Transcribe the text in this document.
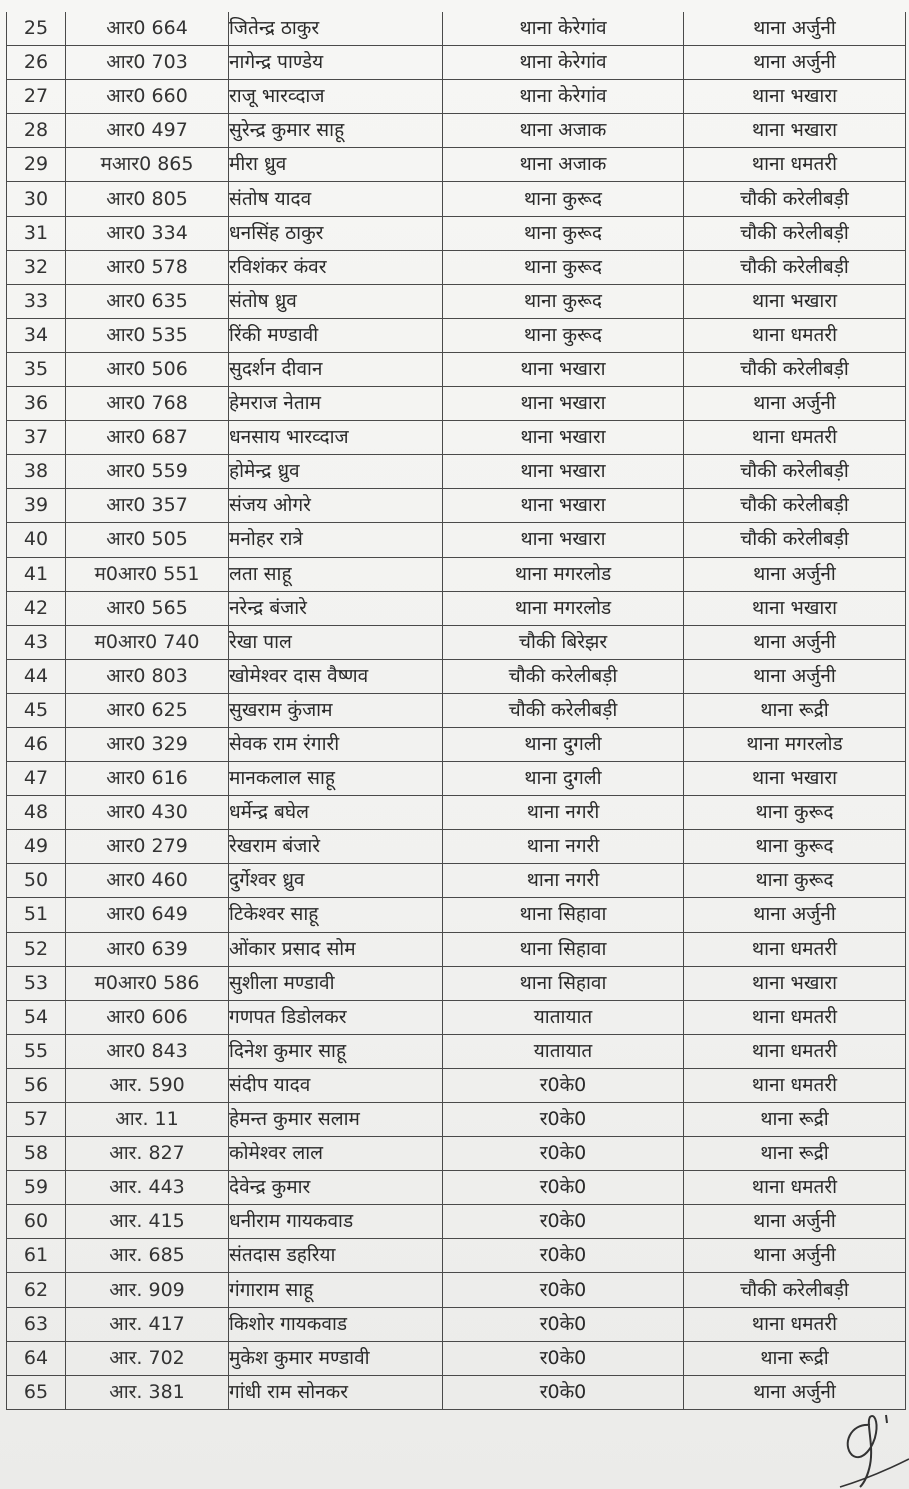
25	आर0 664	जितेन्द्र ठाकुर	थाना केरेगांव	थाना अर्जुनी
26	आर0 703	नागेन्द्र पाण्डेय	थाना केरेगांव	थाना अर्जुनी
27	आर0 660	राजू भारव्दाज	थाना केरेगांव	थाना भखारा
28	आर0 497	सुरेन्द्र कुमार साहू	थाना अजाक	थाना भखारा
29	मआर0 865	मीरा ध्रुव	थाना अजाक	थाना धमतरी
30	आर0 805	संतोष यादव	थाना कुरूद	चौकी करेलीबड़ी
31	आर0 334	धनसिंह ठाकुर	थाना कुरूद	चौकी करेलीबड़ी
32	आर0 578	रविशंकर कंवर	थाना कुरूद	चौकी करेलीबड़ी
33	आर0 635	संतोष ध्रुव	थाना कुरूद	थाना भखारा
34	आर0 535	रिंकी मण्डावी	थाना कुरूद	थाना धमतरी
35	आर0 506	सुदर्शन दीवान	थाना भखारा	चौकी करेलीबड़ी
36	आर0 768	हेमराज नेताम	थाना भखारा	थाना अर्जुनी
37	आर0 687	धनसाय भारव्दाज	थाना भखारा	थाना धमतरी
38	आर0 559	होमेन्द्र ध्रुव	थाना भखारा	चौकी करेलीबड़ी
39	आर0 357	संजय ओगरे	थाना भखारा	चौकी करेलीबड़ी
40	आर0 505	मनोहर रात्रे	थाना भखारा	चौकी करेलीबड़ी
41	म0आर0 551	लता साहू	थाना मगरलोड	थाना अर्जुनी
42	आर0 565	नरेन्द्र बंजारे	थाना मगरलोड	थाना भखारा
43	म0आर0 740	रेखा पाल	चौकी बिरेझर	थाना अर्जुनी
44	आर0 803	खोमेश्वर दास वैष्णव	चौकी करेलीबड़ी	थाना अर्जुनी
45	आर0 625	सुखराम कुंजाम	चौकी करेलीबड़ी	थाना रूद्री
46	आर0 329	सेवक राम रंगारी	थाना दुगली	थाना मगरलोड
47	आर0 616	मानकलाल साहू	थाना दुगली	थाना भखारा
48	आर0 430	धर्मेन्द्र बघेल	थाना नगरी	थाना कुरूद
49	आर0 279	रेखराम बंजारे	थाना नगरी	थाना कुरूद
50	आर0 460	दुर्गेश्वर ध्रुव	थाना नगरी	थाना कुरूद
51	आर0 649	टिकेश्वर साहू	थाना सिहावा	थाना अर्जुनी
52	आर0 639	ओंकार प्रसाद सोम	थाना सिहावा	थाना धमतरी
53	म0आर0 586	सुशीला मण्डावी	थाना सिहावा	थाना भखारा
54	आर0 606	गणपत डिडोलकर	यातायात	थाना धमतरी
55	आर0 843	दिनेश कुमार साहू	यातायात	थाना धमतरी
56	आर. 590	संदीप यादव	र0के0	थाना धमतरी
57	आर. 11	हेमन्त कुमार सलाम	र0के0	थाना रूद्री
58	आर. 827	कोमेश्वर लाल	र0के0	थाना रूद्री
59	आर. 443	देवेन्द्र कुमार	र0के0	थाना धमतरी
60	आर. 415	धनीराम गायकवाड	र0के0	थाना अर्जुनी
61	आर. 685	संतदास डहरिया	र0के0	थाना अर्जुनी
62	आर. 909	गंगाराम साहू	र0के0	चौकी करेलीबड़ी
63	आर. 417	किशोर गायकवाड	र0के0	थाना धमतरी
64	आर. 702	मुकेश कुमार मण्डावी	र0के0	थाना रूद्री
65	आर. 381	गांधी राम सोनकर	र0के0	थाना अर्जुनी
